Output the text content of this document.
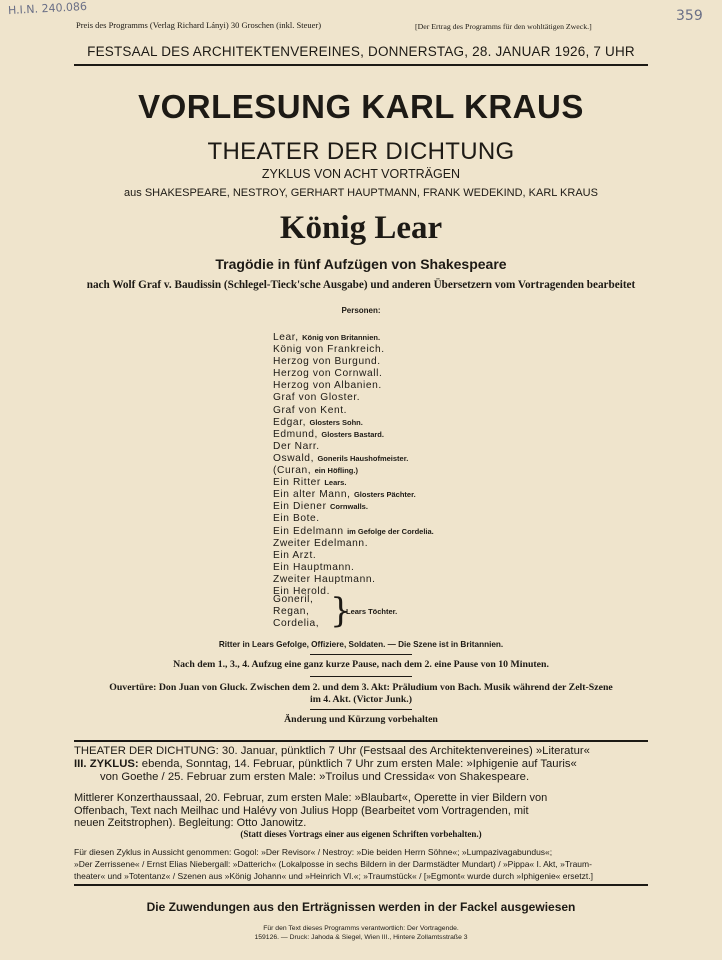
H.I.N. 240.086	359
Preis des Programms (Verlag Richard Lányi) 30 Groschen (inkl. Steuer)	[Der Ertrag des Programms für den wohltätigen Zweck.]
FESTSAAL DES ARCHITEKTENVEREINES, DONNERSTAG, 28. JANUAR 1926, 7 UHR
VORLESUNG KARL KRAUS
THEATER DER DICHTUNG
ZYKLUS VON ACHT VORTRÄGEN
aus SHAKESPEARE, NESTROY, GERHART HAUPTMANN, FRANK WEDEKIND, KARL KRAUS
König Lear
Tragödie in fünf Aufzügen von Shakespeare
nach Wolf Graf v. Baudissin (Schlegel-Tieck'sche Ausgabe) und anderen Übersetzern vom Vortragenden bearbeitet
Personen:
Lear, König von Britannien.
König von Frankreich.
Herzog von Burgund.
Herzog von Cornwall.
Herzog von Albanien.
Graf von Gloster.
Graf von Kent.
Edgar, Glosters Sohn.
Edmund, Glosters Bastard.
Der Narr.
Oswald, Gonerils Haushofmeister.
(Curan, ein Höfling.)
Ein Ritter Lears.
Ein alter Mann, Glosters Pächter.
Ein Diener Cornwalls.
Ein Bote.
Ein Edelmann im Gefolge der Cordelia.
Zweiter Edelmann.
Ein Arzt.
Ein Hauptmann.
Zweiter Hauptmann.
Ein Herold.
Goneril,
Regan,
Cordelia, }
Lears Töchter.
Ritter in Lears Gefolge, Offiziere, Soldaten. — Die Szene ist in Britannien.
Nach dem 1., 3., 4. Aufzug eine ganz kurze Pause, nach dem 2. eine Pause von 10 Minuten.
Ouvertüre: Don Juan von Gluck. Zwischen dem 2. und dem 3. Akt: Präludium von Bach. Musik während der Zelt-Szene
im 4. Akt. (Victor Junk.)
Änderung und Kürzung vorbehalten
THEATER DER DICHTUNG: 30. Januar, pünktlich 7 Uhr (Festsaal des Architektenvereines) »Literatur«
III. ZYKLUS: ebenda, Sonntag, 14. Februar, pünktlich 7 Uhr zum ersten Male: »Iphigenie auf Tauris«
von Goethe / 25. Februar zum ersten Male: »Troilus und Cressida« von Shakespeare.
Mittlerer Konzerthaussaal, 20. Februar, zum ersten Male: »Blaubart«, Operette in vier Bildern von
Offenbach, Text nach Meilhac und Halévy von Julius Hopp (Bearbeitet vom Vortragenden, mit
neuen Zeitstrophen). Begleitung: Otto Janowitz.
(Statt dieses Vortrags einer aus eigenen Schriften vorbehalten.)
Für diesen Zyklus in Aussicht genommen: Gogol: »Der Revisor« / Nestroy: »Die beiden Herrn Söhne«; »Lumpazivagabundus«;
»Der Zerrissene« / Ernst Elias Niebergall: »Datterich« (Lokalposse in sechs Bildern in der Darmstädter Mundart) / »Pippa« I. Akt, »Traum-
theater« und »Totentanz« / Szenen aus »König Johann« und »Heinrich VI.«; »Traumstück« / [»Egmont« wurde durch »Iphigenie« ersetzt.]
Die Zuwendungen aus den Erträgnissen werden in der Fackel ausgewiesen
Für den Text dieses Programms verantwortlich: Der Vortragende.
159126. — Druck: Jahoda & Siegel, Wien III., Hintere Zollamtsstraße 3
